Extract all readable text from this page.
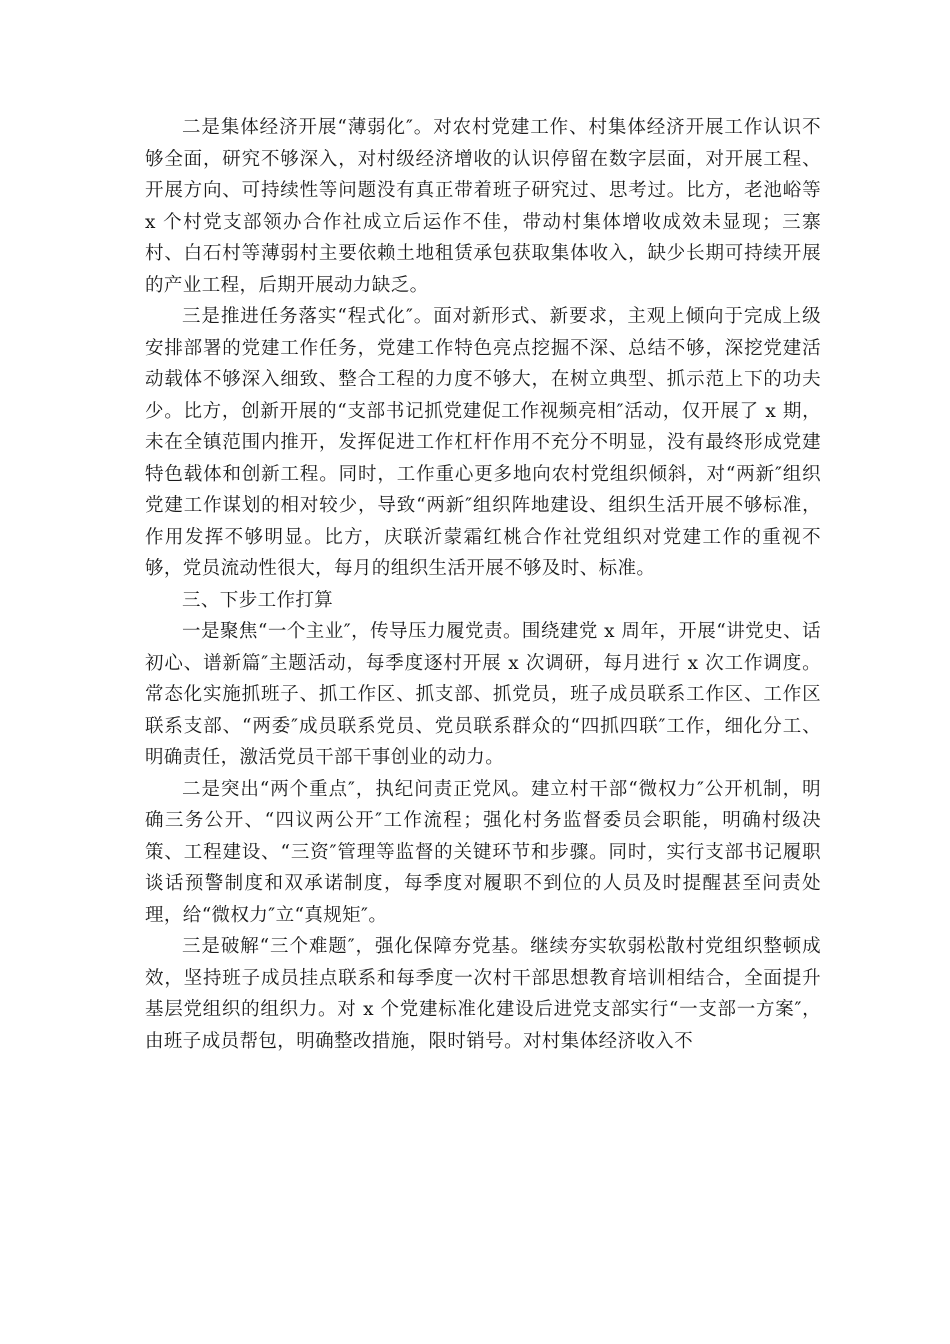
二是集体经济开展“薄弱化″。对农村党建工作、村集体经济开展工作认识不够全面，研究不够深入，对村级经济增收的认识停留在数字层面，对开展工程、开展方向、可持续性等问题没有真正带着班子研究过、思考过。比方，老池峪等 x 个村党支部领办合作社成立后运作不佳，带动村集体增收成效未显现；三寨村、白石村等薄弱村主要依赖土地租赁承包获取集体收入，缺少长期可持续开展的产业工程，后期开展动力缺乏。

三是推进任务落实“程式化″。面对新形式、新要求，主观上倾向于完成上级安排部署的党建工作任务，党建工作特色亮点挖掘不深、总结不够，深挖党建活动载体不够深入细致、整合工程的力度不够大，在树立典型、抓示范上下的功夫少。比方，创新开展的“支部书记抓党建促工作视频亮相″活动，仅开展了 x 期，未在全镇范围内推开，发挥促进工作杠杆作用不充分不明显，没有最终形成党建特色载体和创新工程。同时，工作重心更多地向农村党组织倾斜，对“两新″组织党建工作谋划的相对较少，导致“两新″组织阵地建设、组织生活开展不够标准，作用发挥不够明显。比方，庆联沂蒙霜红桃合作社党组织对党建工作的重视不够，党员流动性很大，每月的组织生活开展不够及时、标准。

三、下步工作打算

一是聚焦“一个主业″，传导压力履党责。围绕建党 x 周年，开展“讲党史、话初心、谱新篇″主题活动，每季度逐村开展 x 次调研，每月进行 x 次工作调度。常态化实施抓班子、抓工作区、抓支部、抓党员，班子成员联系工作区、工作区联系支部、“两委″成员联系党员、党员联系群众的“四抓四联″工作，细化分工、明确责任，激活党员干部干事创业的动力。

二是突出“两个重点″，执纪问责正党风。建立村干部“微权力″公开机制，明确三务公开、“四议两公开″工作流程；强化村务监督委员会职能，明确村级决策、工程建设、“三资″管理等监督的关键环节和步骤。同时，实行支部书记履职谈话预警制度和双承诺制度，每季度对履职不到位的人员及时提醒甚至问责处理，给“微权力″立“真规矩″。

三是破解“三个难题″，强化保障夯党基。继续夯实软弱松散村党组织整顿成效，坚持班子成员挂点联系和每季度一次村干部思想教育培训相结合，全面提升基层党组织的组织力。对 x 个党建标准化建设后进党支部实行“一支部一方案″，由班子成员帮包，明确整改措施，限时销号。对村集体经济收入不
